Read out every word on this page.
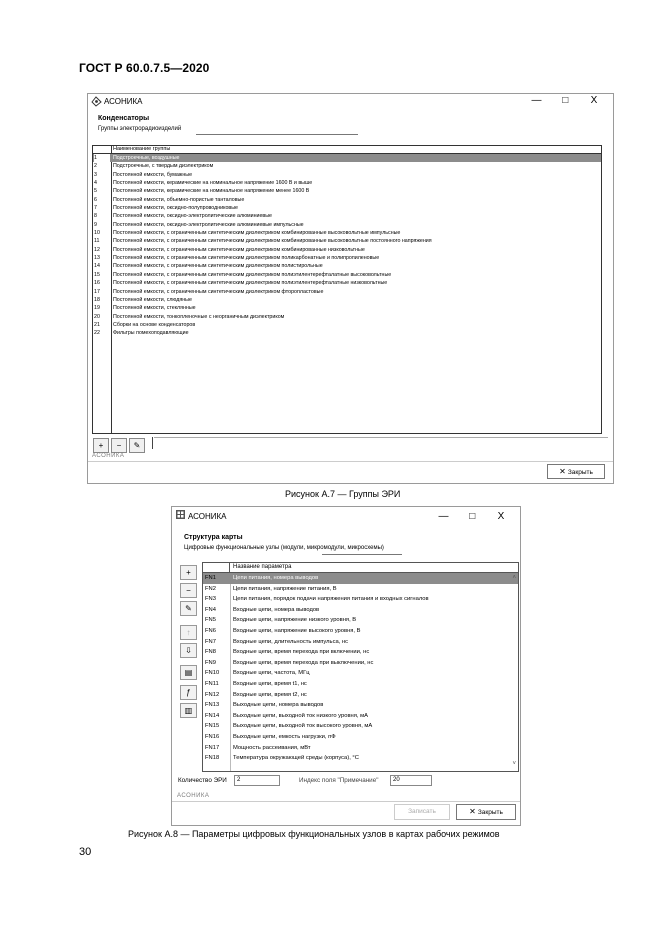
ГОСТ Р 60.0.7.5—2020
АСОНИКА	— □ X
Конденсаторы
Группы электрорадиоизделий
Наименование группы
1	Подстроечные, воздушные
2	Подстроечные, с твердым диэлектриком
3	Постоянной емкости, бумажные
4	Постоянной емкости, керамические на номинальное напряжение 1600 В и выше
5	Постоянной емкости, керамические на номинальное напряжение менее 1600 В
6	Постоянной емкости, объемно-пористые танталовые
7	Постоянной емкости, оксидно-полупроводниковые
8	Постоянной емкости, оксидно-электролитические алюминиевые
9	Постоянной емкости, оксидно-электролитические алюминиевые импульсные
10	Постоянной емкости, с ограниченным синтетическим диэлектриком комбинированные высоковольтные импульсные
11	Постоянной емкости, с ограниченным синтетическим диэлектриком комбинированные высоковольтные постоянного напряжения
12	Постоянной емкости, с ограниченным синтетическим диэлектриком комбинированные низковольтные
13	Постоянной емкости, с ограниченным синтетическим диэлектриком поликарбонатные и полипропиленовые
14	Постоянной емкости, с ограниченным синтетическим диэлектриком полистирольные
15	Постоянной емкости, с ограниченным синтетическим диэлектриком полиэтилентерефталатные высоковольтные
16	Постоянной емкости, с ограниченным синтетическим диэлектриком полиэтилентерефталатные низковольтные
17	Постоянной емкости, с ограниченным синтетическим диэлектриком фторопластовые
18	Постоянной емкости, слюдяные
19	Постоянной емкости, стеклянные
20	Постоянной емкости, тонкопленочные с неорганичным диэлектриком
21	Сборки на основе конденсаторов
22	Фильтры помехоподавляющие
+	−	✎
АСОНИКА
✕ Закрыть
Рисунок А.7 — Группы ЭРИ
АСОНИКА	— □ X
Структура карты
Цифровые функциональные узлы (модули, микромодули, микросхемы)
+
−
✎
↑
⇩
▤
ƒ
▥
Название параметра
FN1	Цепи питания, номера выводов
FN2	Цепи питания, напряжение питания, В
FN3	Цепи питания, порядок подачи напряжения питания и входных сигналов
FN4	Входные цепи, номера выводов
FN5	Входные цепи, напряжение низкого уровня, В
FN6	Входные цепи, напряжение высокого уровня, В
FN7	Входные цепи, длительность импульса, нс
FN8	Входные цепи, время перехода при включении, нс
FN9	Входные цепи, время перехода при выключении, нс
FN10	Входные цепи, частота, МГц
FN11	Входные цепи, время t1, нс
FN12	Входные цепи, время t2, нс
FN13	Выходные цепи, номера выводов
FN14	Выходные цепи, выходной ток низкого уровня, мА
FN15	Выходные цепи, выходной ток высокого уровня, мА
FN16	Выходные цепи, емкость нагрузки, пФ
FN17	Мощность рассеивания, мВт
FN18	Температура окружающей среды (корпуса), °С
˄
˅
Количество ЭРИ	2	Индекс поля "Примечание"	20
АСОНИКА
Записать	✕ Закрыть
Рисунок А.8 — Параметры цифровых функциональных узлов в картах рабочих режимов
30
